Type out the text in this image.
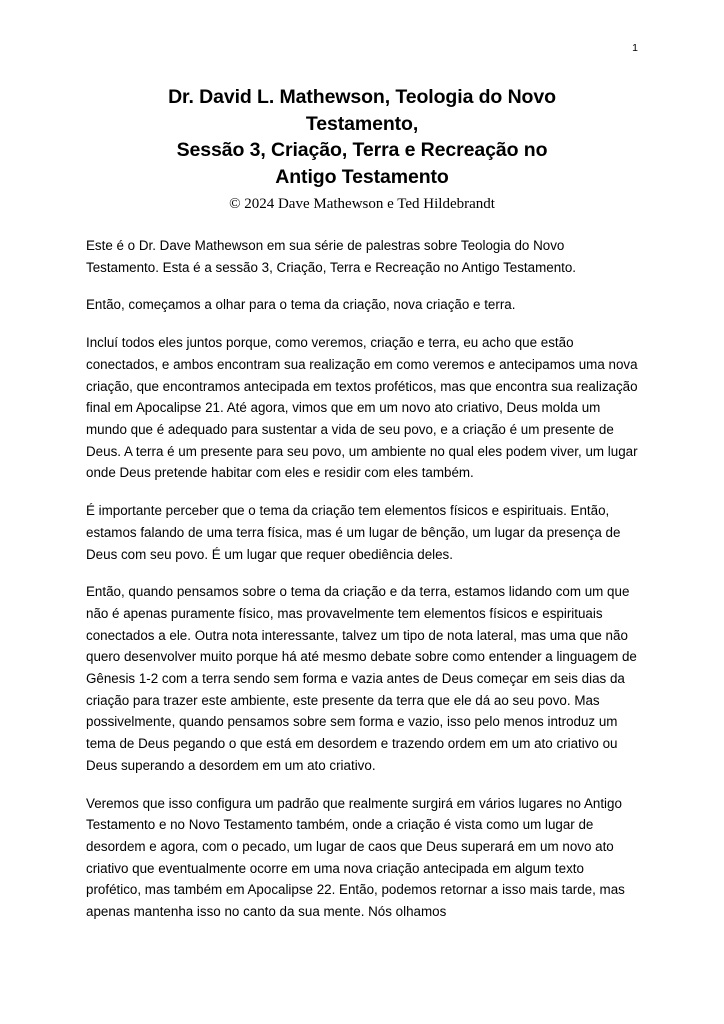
1
Dr. David L. Mathewson, Teologia do Novo
Testamento,
Sessão 3, Criação, Terra e Recreação no
Antigo Testamento
© 2024 Dave Mathewson e Ted Hildebrandt

Este é o Dr. Dave Mathewson em sua série de palestras sobre Teologia do Novo Testamento. Esta é a sessão 3, Criação, Terra e Recreação no Antigo Testamento.

Então, começamos a olhar para o tema da criação, nova criação e terra.

Incluí todos eles juntos porque, como veremos, criação e terra, eu acho que estão conectados, e ambos encontram sua realização em como veremos e antecipamos uma nova criação, que encontramos antecipada em textos proféticos, mas que encontra sua realização final em Apocalipse 21. Até agora, vimos que em um novo ato criativo, Deus molda um mundo que é adequado para sustentar a vida de seu povo, e a criação é um presente de Deus. A terra é um presente para seu povo, um ambiente no qual eles podem viver, um lugar onde Deus pretende habitar com eles e residir com eles também.

É importante perceber que o tema da criação tem elementos físicos e espirituais. Então, estamos falando de uma terra física, mas é um lugar de bênção, um lugar da presença de Deus com seu povo. É um lugar que requer obediência deles.

Então, quando pensamos sobre o tema da criação e da terra, estamos lidando com um que não é apenas puramente físico, mas provavelmente tem elementos físicos e espirituais conectados a ele. Outra nota interessante, talvez um tipo de nota lateral, mas uma que não quero desenvolver muito porque há até mesmo debate sobre como entender a linguagem de Gênesis 1-2 com a terra sendo sem forma e vazia antes de Deus começar em seis dias da criação para trazer este ambiente, este presente da terra que ele dá ao seu povo. Mas possivelmente, quando pensamos sobre sem forma e vazio, isso pelo menos introduz um tema de Deus pegando o que está em desordem e trazendo ordem em um ato criativo ou Deus superando a desordem em um ato criativo.

Veremos que isso configura um padrão que realmente surgirá em vários lugares no Antigo Testamento e no Novo Testamento também, onde a criação é vista como um lugar de desordem e agora, com o pecado, um lugar de caos que Deus superará em um novo ato criativo que eventualmente ocorre em uma nova criação antecipada em algum texto profético, mas também em Apocalipse 22. Então, podemos retornar a isso mais tarde, mas apenas mantenha isso no canto da sua mente. Nós olhamos
